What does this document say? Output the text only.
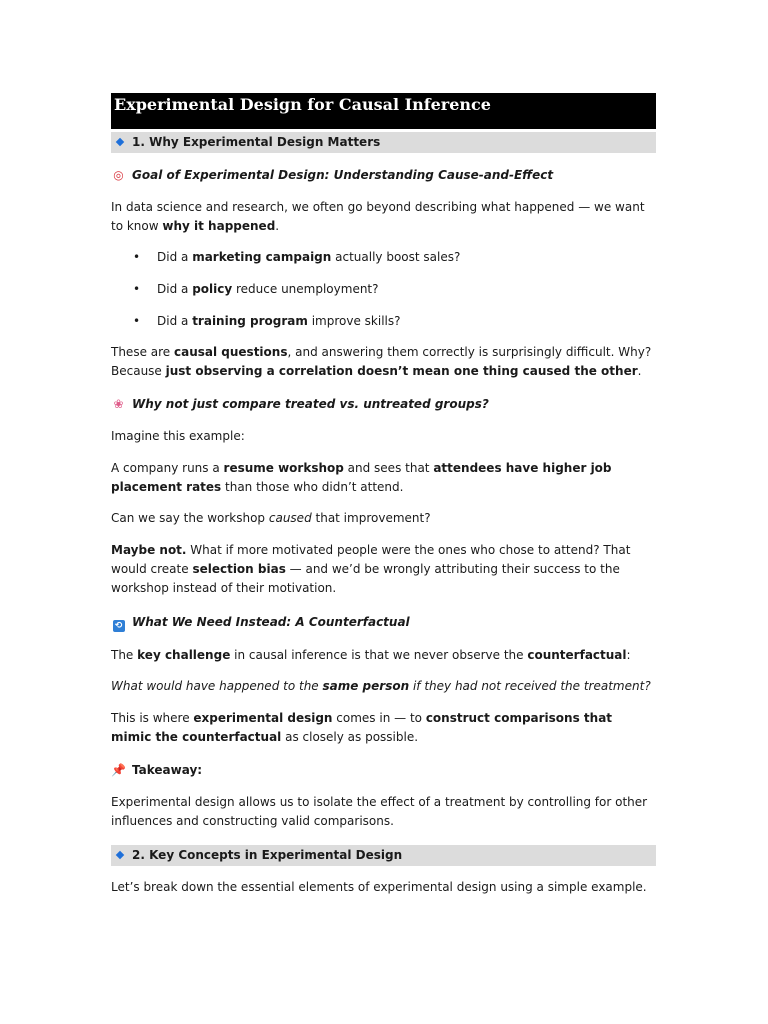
Experimental Design for Causal Inference
1. Why Experimental Design Matters
◎ Goal of Experimental Design: Understanding Cause-and-Effect

In data science and research, we often go beyond describing what happened — we want to know why it happened.

• Did a marketing campaign actually boost sales?
• Did a policy reduce unemployment?
• Did a training program improve skills?

These are causal questions, and answering them correctly is surprisingly difficult. Why? Because just observing a correlation doesn’t mean one thing caused the other.

❀ Why not just compare treated vs. untreated groups?

Imagine this example:

A company runs a resume workshop and sees that attendees have higher job placement rates than those who didn’t attend.

Can we say the workshop caused that improvement?

Maybe not. What if more motivated people were the ones who chose to attend? That would create selection bias — and we’d be wrongly attributing their success to the workshop instead of their motivation.

⟲ What We Need Instead: A Counterfactual

The key challenge in causal inference is that we never observe the counterfactual:

What would have happened to the same person if they had not received the treatment?

This is where experimental design comes in — to construct comparisons that mimic the counterfactual as closely as possible.

📌 Takeaway:

Experimental design allows us to isolate the effect of a treatment by controlling for other influences and constructing valid comparisons.

2. Key Concepts in Experimental Design

Let’s break down the essential elements of experimental design using a simple example.
